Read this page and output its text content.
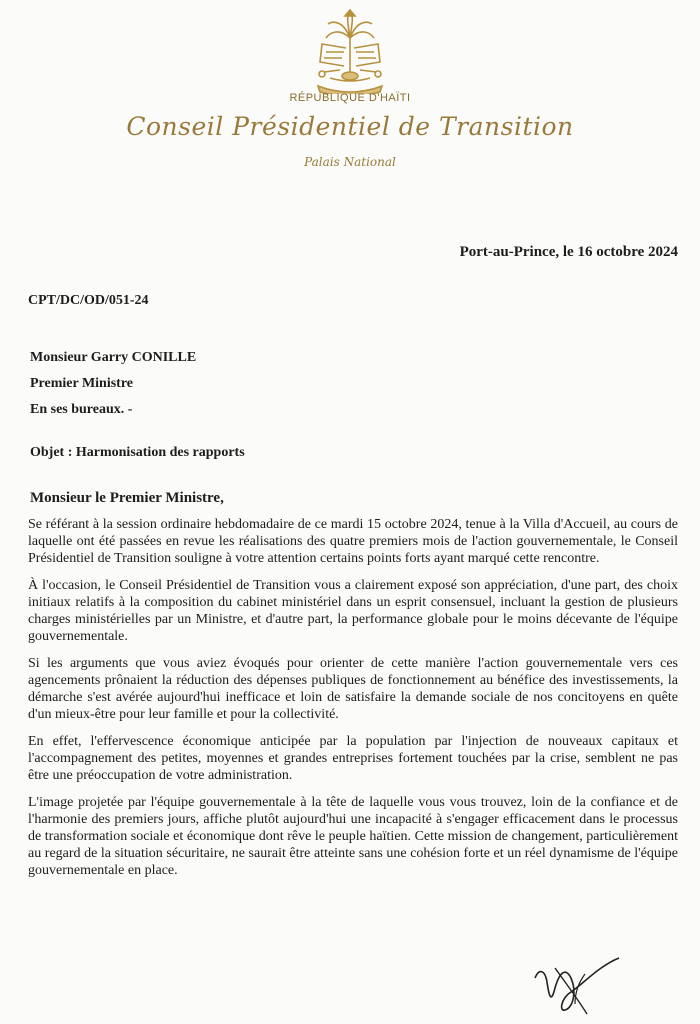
RÉPUBLIQUE D'HAÏTI
Conseil Présidentiel de Transition
Palais National
Port-au-Prince, le 16 octobre 2024
CPT/DC/OD/051-24
Monsieur Garry CONILLE
Premier Ministre
En ses bureaux. -
Objet : Harmonisation des rapports
Monsieur le Premier Ministre,

Se référant à la session ordinaire hebdomadaire de ce mardi 15 octobre 2024, tenue à la Villa d'Accueil, au cours de laquelle ont été passées en revue les réalisations des quatre premiers mois de l'action gouvernementale, le Conseil Présidentiel de Transition souligne à votre attention certains points forts ayant marqué cette rencontre.

À l'occasion, le Conseil Présidentiel de Transition vous a clairement exposé son appréciation, d'une part, des choix initiaux relatifs à la composition du cabinet ministériel dans un esprit consensuel, incluant la gestion de plusieurs charges ministérielles par un Ministre, et d'autre part, la performance globale pour le moins décevante de l'équipe gouvernementale.

Si les arguments que vous aviez évoqués pour orienter de cette manière l'action gouvernementale vers ces agencements prônaient la réduction des dépenses publiques de fonctionnement au bénéfice des investissements, la démarche s'est avérée aujourd'hui inefficace et loin de satisfaire la demande sociale de nos concitoyens en quête d'un mieux-être pour leur famille et pour la collectivité.

En effet, l'effervescence économique anticipée par la population par l'injection de nouveaux capitaux et l'accompagnement des petites, moyennes et grandes entreprises fortement touchées par la crise, semblent ne pas être une préoccupation de votre administration.

L'image projetée par l'équipe gouvernementale à la tête de laquelle vous vous trouvez, loin de la confiance et de l'harmonie des premiers jours, affiche plutôt aujourd'hui une incapacité à s'engager efficacement dans le processus de transformation sociale et économique dont rêve le peuple haïtien. Cette mission de changement, particulièrement au regard de la situation sécuritaire, ne saurait être atteinte sans une cohésion forte et un réel dynamisme de l'équipe gouvernementale en place.
